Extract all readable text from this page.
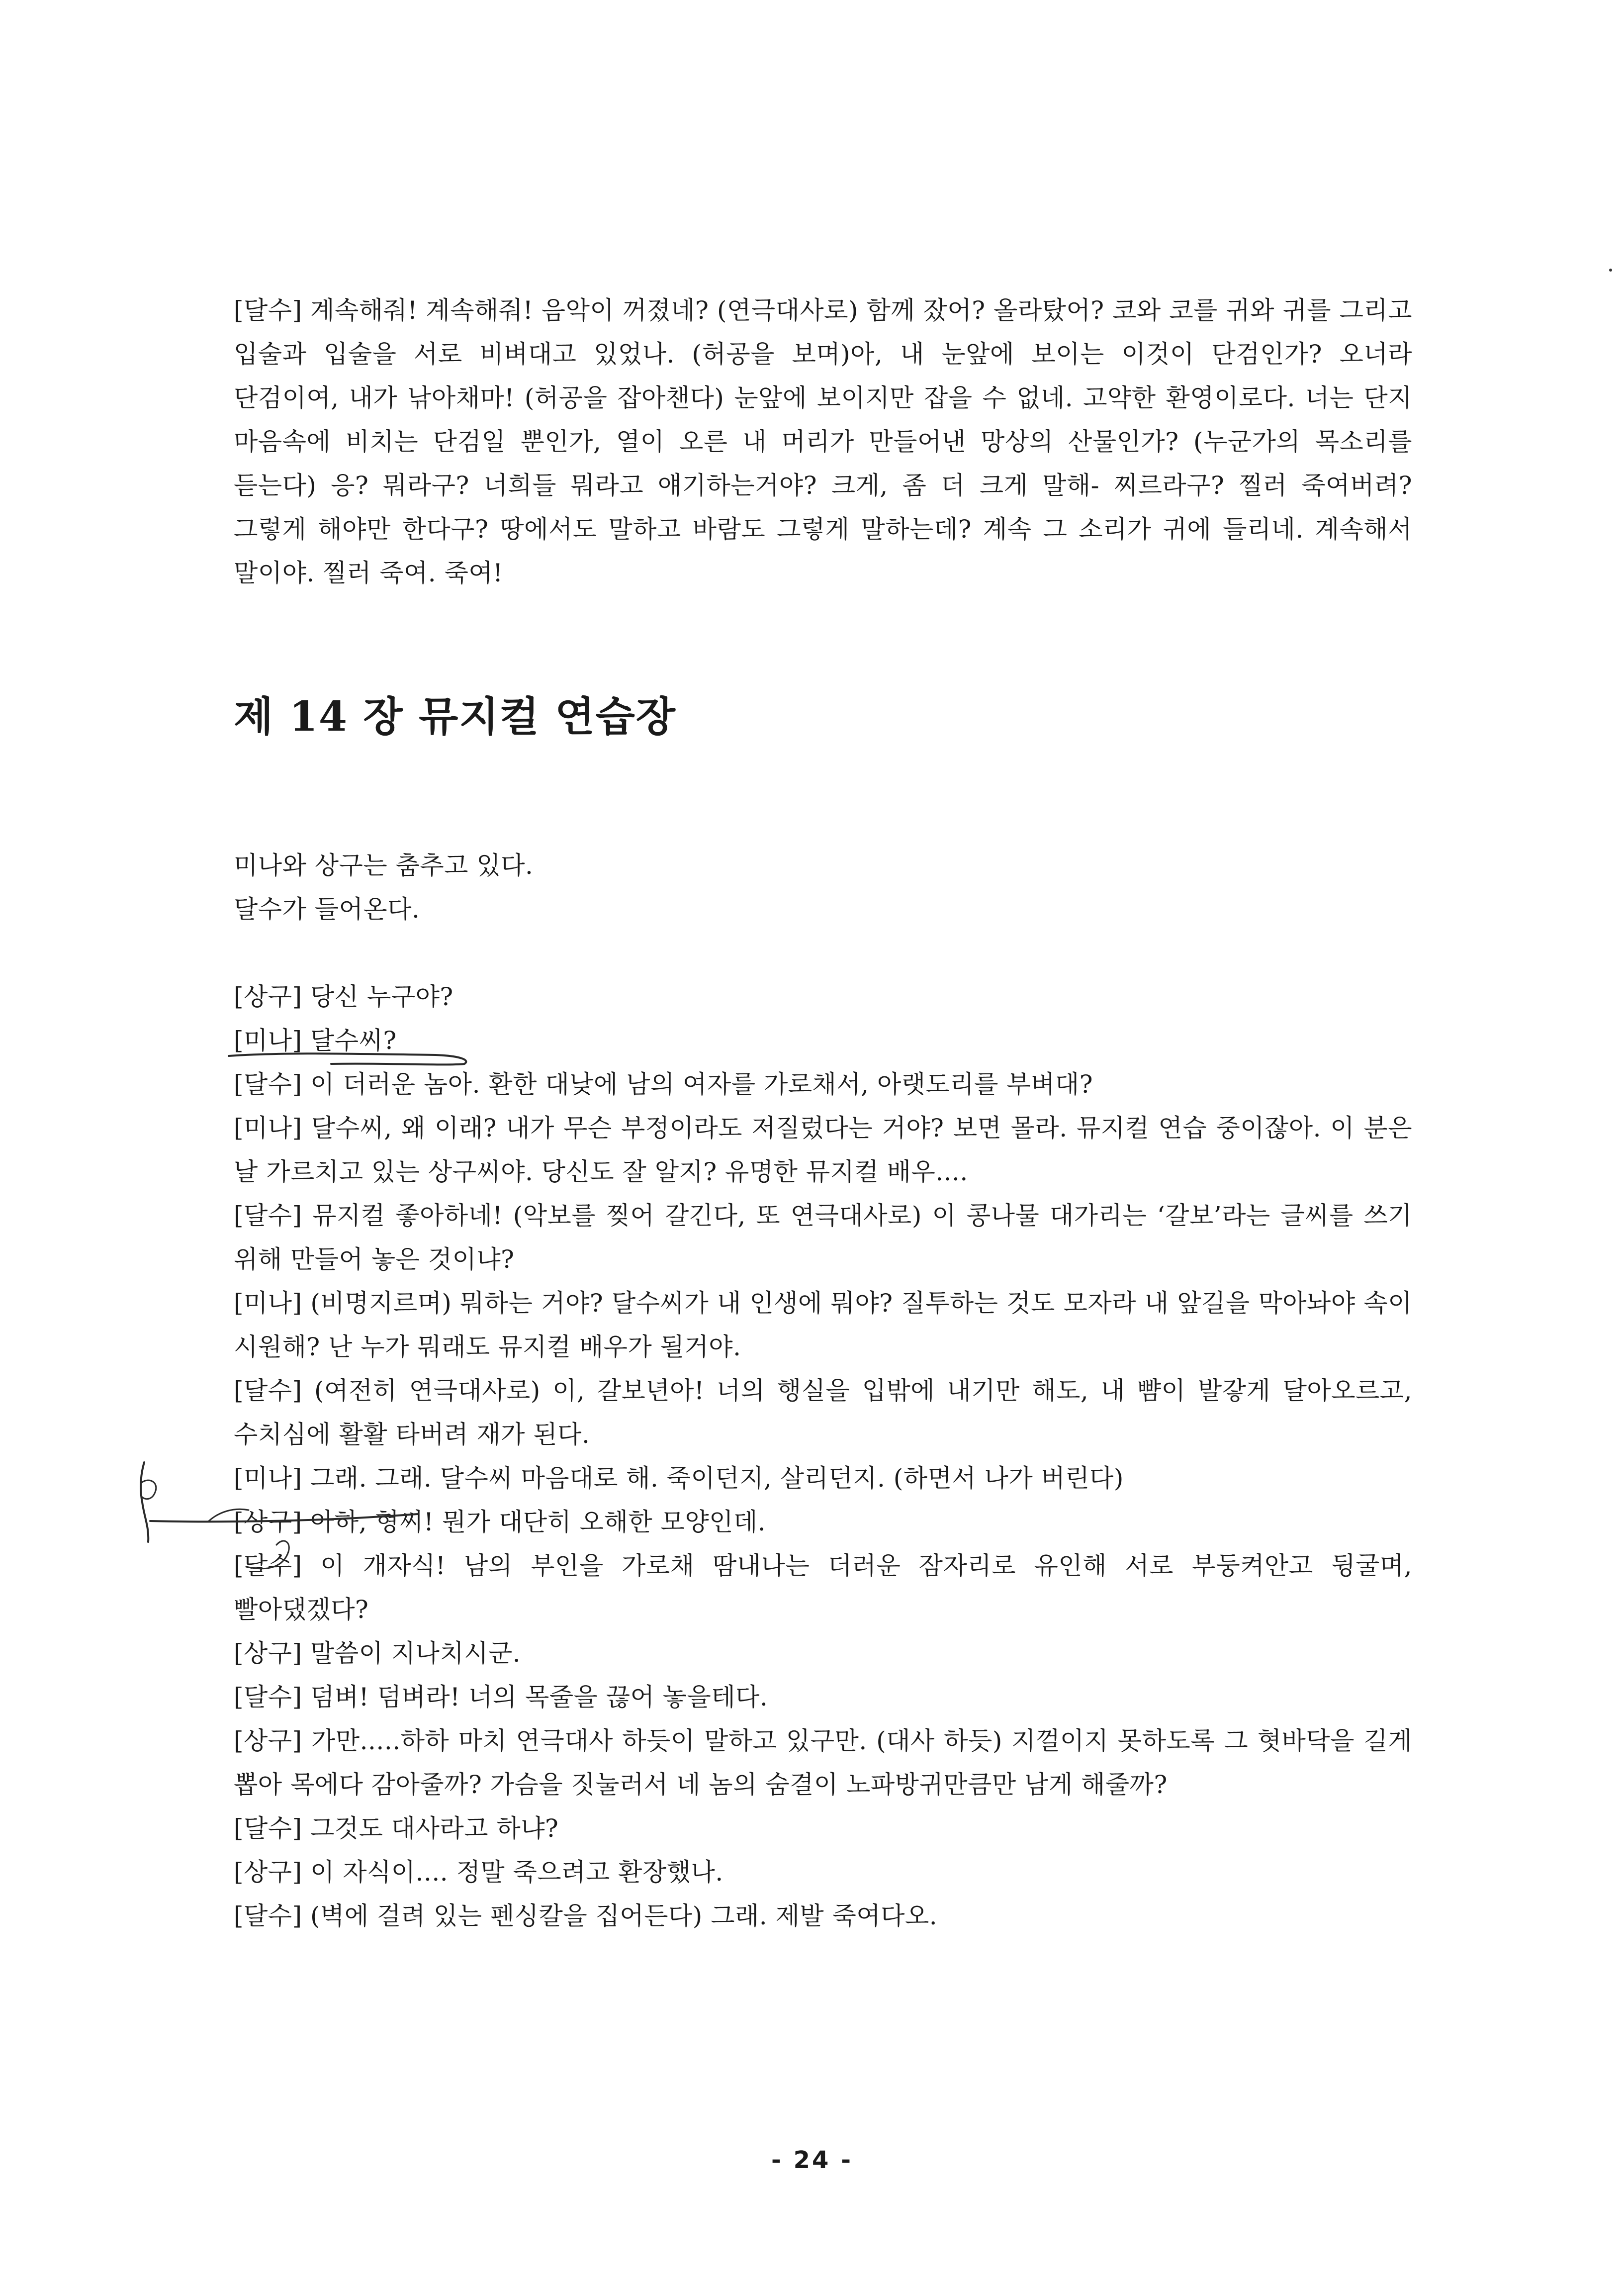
[달수] 계속해줘! 계속해줘! 음악이 꺼졌네? (연극대사로) 함께 잤어? 올라탔어? 코와 코를 귀와 귀를 그리고 입술과 입술을 서로 비벼대고 있었나. (허공을 보며)아, 내 눈앞에 보이는 이것이 단검인가? 오너라 단검이여, 내가 낚아채마! (허공을 잡아챈다) 눈앞에 보이지만 잡을 수 없네. 고약한 환영이로다. 너는 단지 마음속에 비치는 단검일 뿐인가, 열이 오른 내 머리가 만들어낸 망상의 산물인가? (누군가의 목소리를 듣는다) 응? 뭐라구? 너희들 뭐라고 얘기하는거야? 크게, 좀 더 크게 말해- 찌르라구? 찔러 죽여버려? 그렇게 해야만 한다구? 땅에서도 말하고 바람도 그렇게 말하는데? 계속 그 소리가 귀에 들리네. 계속해서 말이야. 찔러 죽여. 죽여!

제 14 장 뮤지컬 연습장

미나와 상구는 춤추고 있다.

달수가 들어온다.

[상구] 당신 누구야?

[미나] 달수씨?

[달수] 이 더러운 놈아. 환한 대낮에 남의 여자를 가로채서, 아랫도리를 부벼대?

[미나] 달수씨, 왜 이래? 내가 무슨 부정이라도 저질렀다는 거야? 보면 몰라. 뮤지컬 연습 중이잖아. 이 분은 날 가르치고 있는 상구씨야. 당신도 잘 알지? 유명한 뮤지컬 배우....

[달수] 뮤지컬 좋아하네! (악보를 찢어 갈긴다, 또 연극대사로) 이 콩나물 대가리는 ‘갈보’라는 글씨를 쓰기 위해 만들어 놓은 것이냐?

[미나] (비명지르며) 뭐하는 거야? 달수씨가 내 인생에 뭐야? 질투하는 것도 모자라 내 앞길을 막아놔야 속이 시원해? 난 누가 뭐래도 뮤지컬 배우가 될거야.

[달수] (여전히 연극대사로) 이, 갈보년아! 너의 행실을 입밖에 내기만 해도, 내 뺨이 발갛게 달아오르고, 수치심에 활활 타버려 재가 된다.

[미나] 그래. 그래. 달수씨 마음대로 해. 죽이던지, 살리던지. (하면서 나가 버린다)

[상구] 아하, 형씨! 뭔가 대단히 오해한 모양인데.

[달수] 이 개자식! 남의 부인을 가로채 땀내나는 더러운 잠자리로 유인해 서로 부둥켜안고 뒹굴며, 빨아댔겠다?

[상구] 말씀이 지나치시군.

[달수] 덤벼! 덤벼라! 너의 목줄을 끊어 놓을테다.

[상구] 가만.....하하 마치 연극대사 하듯이 말하고 있구만. (대사 하듯) 지껄이지 못하도록 그 혓바닥을 길게 뽑아 목에다 감아줄까? 가슴을 짓눌러서 네 놈의 숨결이 노파방귀만큼만 남게 해줄까?

[달수] 그것도 대사라고 하냐?

[상구] 이 자식이.... 정말 죽으려고 환장했나.

[달수] (벽에 걸려 있는 펜싱칼을 집어든다) 그래. 제발 죽여다오.

- 24 -
